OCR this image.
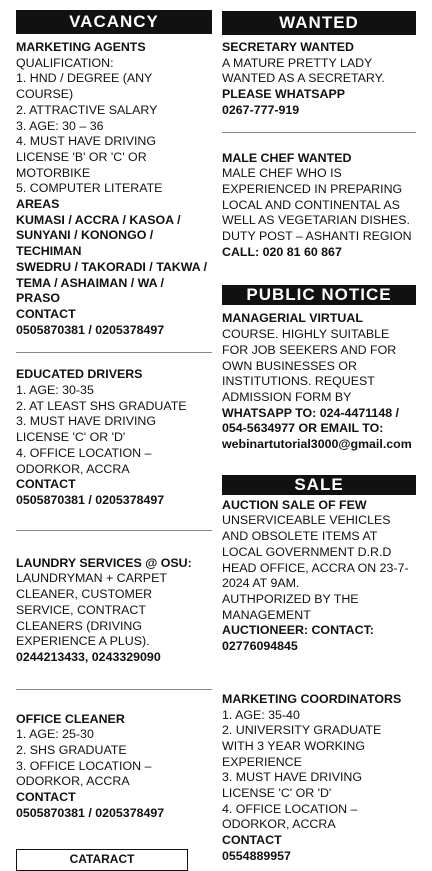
VACANCY
MARKETING AGENTS
QUALIFICATION:
1. HND / DEGREE (ANY
COURSE)
2. ATTRACTIVE SALARY
3. AGE: 30 – 36
4. MUST HAVE DRIVING
LICENSE 'B' OR 'C' OR
MOTORBIKE
5. COMPUTER LITERATE
AREAS
KUMASI / ACCRA / KASOA /
SUNYANI / KONONGO /
TECHIMAN
SWEDRU / TAKORADI / TAKWA /
TEMA / ASHAIMAN / WA /
PRASO
CONTACT
0505870381 / 0205378497
EDUCATED DRIVERS
1. AGE: 30-35
2. AT LEAST SHS GRADUATE
3. MUST HAVE DRIVING
LICENSE 'C' OR 'D'
4. OFFICE LOCATION –
ODORKOR, ACCRA
CONTACT
0505870381 / 0205378497
LAUNDRY SERVICES @ OSU:
LAUNDRYMAN + CARPET
CLEANER, CUSTOMER
SERVICE, CONTRACT
CLEANERS (DRIVING
EXPERIENCE A PLUS).
0244213433, 0243329090
OFFICE CLEANER
1. AGE: 25-30
2. SHS GRADUATE
3. OFFICE LOCATION –
ODORKOR, ACCRA
CONTACT
0505870381 / 0205378497
CATARACT
WANTED
SECRETARY WANTED
A MATURE PRETTY LADY
WANTED AS A SECRETARY.
PLEASE WHATSAPP
0267-777-919
MALE CHEF WANTED
MALE CHEF WHO IS
EXPERIENCED IN PREPARING
LOCAL AND CONTINENTAL AS
WELL AS VEGETARIAN DISHES.
DUTY POST – ASHANTI REGION
CALL: 020 81 60 867
PUBLIC NOTICE
MANAGERIAL VIRTUAL
COURSE. HIGHLY SUITABLE
FOR JOB SEEKERS AND FOR
OWN BUSINESSES OR
INSTITUTIONS. REQUEST
ADMISSION FORM BY
WHATSAPP TO: 024-4471148 /
054-5634977 OR EMAIL TO:
webinartutorial3000@gmail.com
SALE
AUCTION SALE OF FEW
UNSERVICEABLE VEHICLES
AND OBSOLETE ITEMS AT
LOCAL GOVERNMENT D.R.D
HEAD OFFICE, ACCRA ON 23-7-
2024 AT 9AM.
AUTHPORIZED BY THE
MANAGEMENT
AUCTIONEER: CONTACT:
02776094845
MARKETING COORDINATORS
1. AGE: 35-40
2. UNIVERSITY GRADUATE
WITH 3 YEAR WORKING
EXPERIENCE
3. MUST HAVE DRIVING
LICENSE 'C' OR 'D'
4. OFFICE LOCATION –
ODORKOR, ACCRA
CONTACT
0554889957
